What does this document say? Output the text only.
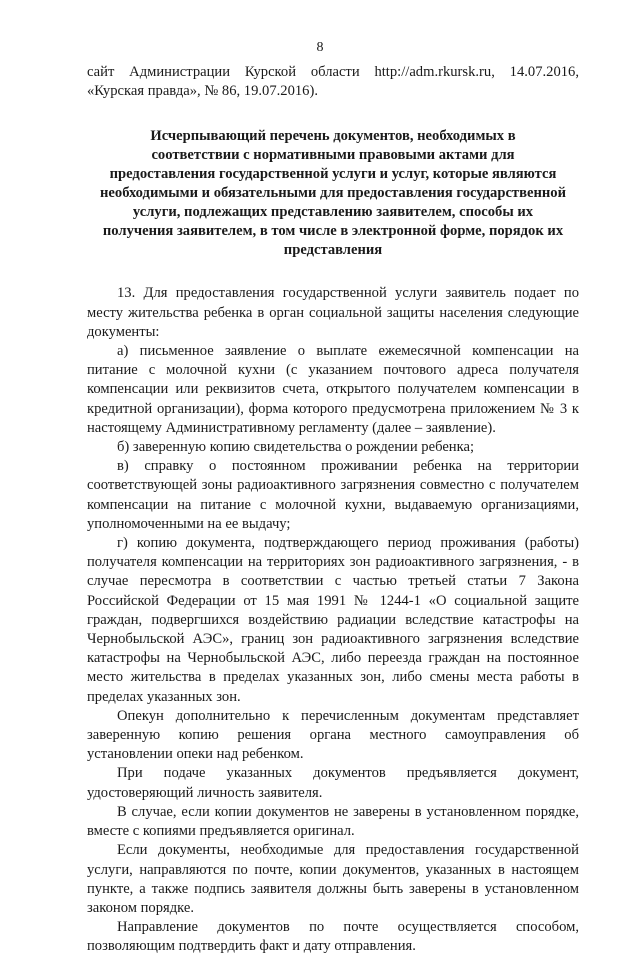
8

сайт Администрации Курской области http://adm.rkursk.ru, 14.07.2016, «Курская правда», № 86, 19.07.2016).

Исчерпывающий перечень документов, необходимых в
соответствии с нормативными правовыми актами для
предоставления государственной услуги и услуг, которые являются
необходимыми и обязательными для предоставления государственной
услуги, подлежащих представлению заявителем, способы их
получения заявителем, в том числе в электронной форме, порядок их
представления

13. Для предоставления государственной услуги заявитель подает по месту жительства ребенка в орган социальной защиты населения следующие документы:

а) письменное заявление о выплате ежемесячной компенсации на питание с молочной кухни (с указанием почтового адреса получателя компенсации или реквизитов счета, открытого получателем компенсации в кредитной организации), форма которого предусмотрена приложением № 3 к настоящему Административному регламенту (далее – заявление).

б) заверенную копию свидетельства о рождении ребенка;

в) справку о постоянном проживании ребенка на территории соответствующей зоны радиоактивного загрязнения совместно с получателем компенсации на питание с молочной кухни, выдаваемую организациями, уполномоченными на ее выдачу;

г) копию документа, подтверждающего период проживания (работы) получателя компенсации на территориях зон радиоактивного загрязнения, - в случае пересмотра в соответствии с частью третьей статьи 7 Закона Российской Федерации от 15 мая 1991 № 1244-1 «О социальной защите граждан, подвергшихся воздействию радиации вследствие катастрофы на Чернобыльской АЭС», границ зон радиоактивного загрязнения вследствие катастрофы на Чернобыльской АЭС, либо переезда граждан на постоянное место жительства в пределах указанных зон, либо смены места работы в пределах указанных зон.

Опекун дополнительно к перечисленным документам представляет заверенную копию решения органа местного самоуправления об установлении опеки над ребенком.

При подаче указанных документов предъявляется документ, удостоверяющий личность заявителя.

В случае, если копии документов не заверены в установленном порядке, вместе с копиями предъявляется оригинал.

Если документы, необходимые для предоставления государственной услуги, направляются по почте, копии документов, указанных в настоящем пункте, а также подпись заявителя должны быть заверены в установленном законом порядке.

Направление документов по почте осуществляется способом, позволяющим подтвердить факт и дату отправления.
